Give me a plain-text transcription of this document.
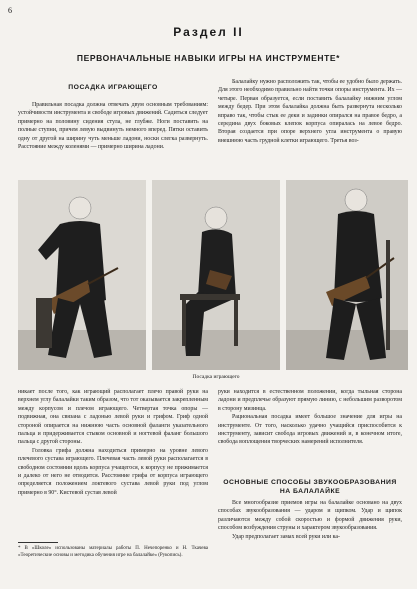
6
Раздел II
ПЕРВОНАЧАЛЬНЫЕ НАВЫКИ ИГРЫ НА ИНСТРУМЕНТЕ*
ПОСАДКА ИГРАЮЩЕГО

Правильная посадка должна отвечать двум основным требованиям: устойчивости инструмента и свободе игровых движений. Садиться следует примерно на половину сидения стула, не глубже. Ноги поставить на полные ступни, причем левую выдвинуть немного вперед. Пятки оставить одну от другой на ширину чуть меньше ладони, носки слегка развернуть. Расстояние между коленями — примерно ширина ладони.

Балалайку нужно расположить так, чтобы ее удобно было держать. Для этого необходимо правильно найти точки опоры инструмента. Их — четыре. Первая образуется, если поставить балалайку нижним углом между бедер. При этом балалайка должна быть развернута несколько вправо так, чтобы стык ее деки и задинки опирался на правое бедро, а середина двух боковых клепок корпуса опиралась на левое бедро. Вторая создается при опоре верхнего угла инструмента о правую внешнюю часть грудной клетки играющего. Третья воз-

Посадка играющего

никает после того, как играющий располагает плечо правой руки на верхнем углу балалайки таким образом, что тот оказывается закрепленным между корпусом и плечом играющего. Четвертая точка опоры — подвижная, она связана с ладонью левой руки и грифом. Гриф одной стороной опирается на нижнюю часть основной фаланги указательного пальца и придерживается стыком основной и ногтевой фаланг большого пальца с другой стороны.

Головка грифа должна находиться примерно на уровне левого плечевого сустава играющего. Плечевая часть левой руки располагается в свободном состоянии вдоль корпуса учащегося, к корпусу не прижимается и далеко от него не отводится. Расстояние грифа от корпуса играющего определяется положением локтевого сустава левой руки под углом примерно в 90°. Кистевой сустав левой

руки находится в естественном положении, когда тыльная сторона ладони и предплечье образуют прямую линию, с небольшим разворотом в сторону мизинца.

Рациональная посадка имеет большое значение для игры на инструменте. От того, насколько удачно учащийся приспособится к инструменту, зависит свобода игровых движений и, в конечном итоге, свобода воплощения творческих намерений исполнителя.

ОСНОВНЫЕ СПОСОБЫ ЗВУКООБРАЗОВАНИЯ НА БАЛАЛАЙКЕ

Все многообразие приемов игры на балалайке основано на двух способах звукообразования — ударом и щипком. Удар и щипок различаются между собой скоростью и формой движения руки, способом возбуждения струны и характером звукообразования.

Удар предполагает замах всей руки или ка-

* В «Школе» использованы материалы работы П. Нечепоренко и Н. Ткачева «Теоретические основы и методика обучения игре на балалайке» (Рукопись).
